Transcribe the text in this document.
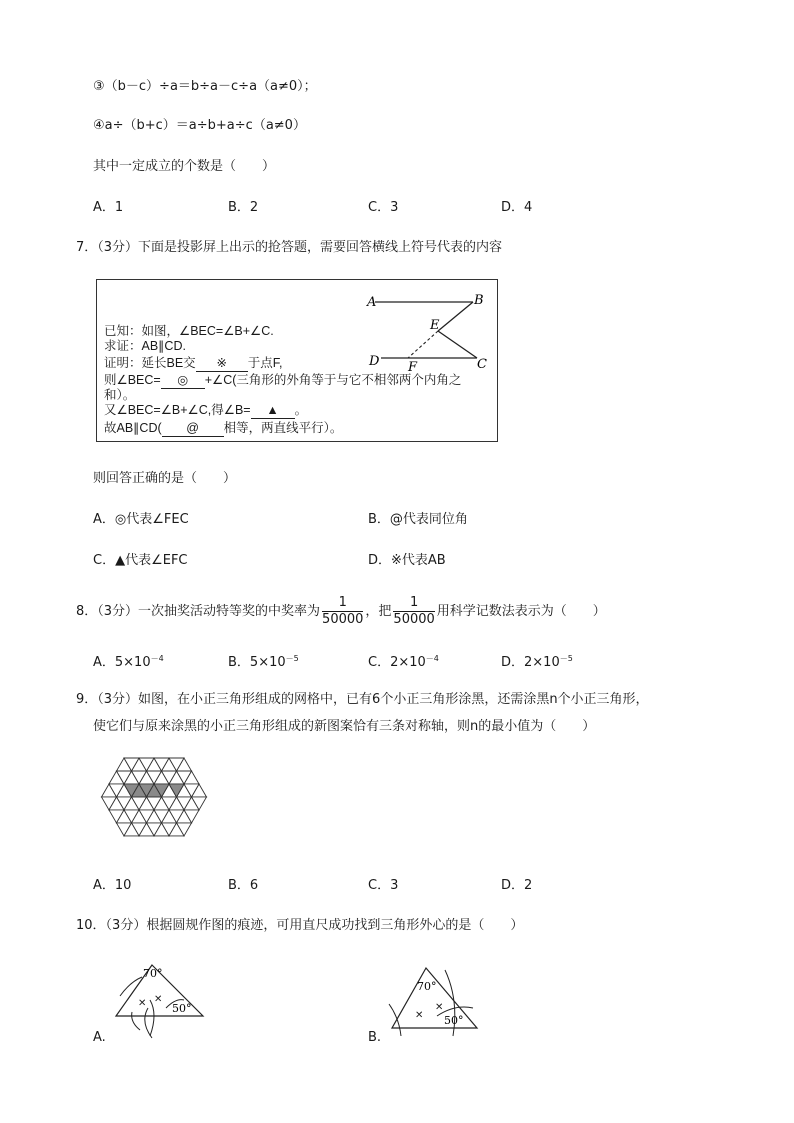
③（b－c）÷a＝b÷a－c÷a（a≠0）；
④a÷（b+c）＝a÷b+a÷c（a≠0）
其中一定成立的个数是（　　）
A．1	B．2	C．3	D．4
7．（3分）下面是投影屏上出示的抢答题，需要回答横线上符号代表的内容
A	B
E
D F	C
已知：如图，∠BEC=∠B+∠C.
求证：AB∥CD.
证明：延长BE交 ※ 于点F,
则∠BEC= ◎ +∠C(三角形的外角等于与它不相邻两个内角之
和）。
又∠BEC=∠B+∠C,得∠B= ▲ 。
故AB∥CD( @ 相等，两直线平行）。
则回答正确的是（　　）
A．◎代表∠FEC	B．@代表同位角
C．▲代表∠EFC	D．※代表AB
8．（3分）一次抽奖活动特等奖的中奖率为 $\frac{1}{50000}$ ，把 $\frac{1}{50000}$ 用科学记数法表示为（　　）
A．$5\times 10^{-4}$	B．$5\times 10^{-5}$	C．$2\times 10^{-4}$	D．$2\times 10^{-5}$
9．（3分）如图，在小正三角形组成的网格中，已有6个小正三角形涂黑，还需涂黑n个小正三角形，
使它们与原来涂黑的小正三角形组成的新图案恰有三条对称轴，则n的最小值为（　　）
A．10	B．6	C．3	D．2
10．（3分）根据圆规作图的痕迹，可用直尺成功找到三角形外心的是（　　）
✕ ✕
70°
50°
A.
✕
✕
70°
50°
B.
